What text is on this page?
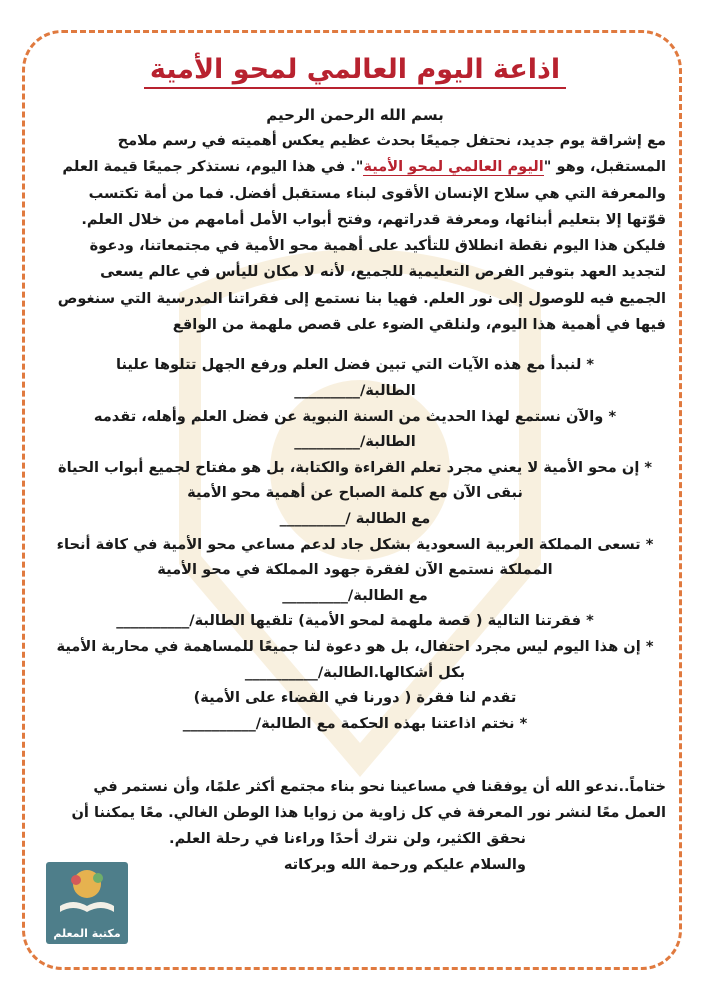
اذاعة اليوم العالمي لمحو الأمية

بسم الله الرحمن الرحيم

مع إشراقة يوم جديد، نحتفل جميعًا بحدث عظيم يعكس أهميته في رسم ملامح
المستقبل، وهو "اليوم العالمي لمحو الأمية". في هذا اليوم، نستذكر جميعًا قيمة العلم
والمعرفة التي هي سلاح الإنسان الأقوى لبناء مستقبل أفضل. فما من أمة تكتسب
قوّتها إلا بتعليم أبنائها، ومعرفة قدراتهم، وفتح أبواب الأمل أمامهم من خلال العلم.
فليكن هذا اليوم نقطة انطلاق للتأكيد على أهمية محو الأمية في مجتمعاتنا، ودعوة
لتجديد العهد بتوفير الفرص التعليمية للجميع، لأنه لا مكان لليأس في عالم يسعى
الجميع فيه للوصول إلى نور العلم. فهيا بنا نستمع إلى فقراتنا المدرسية التي سنغوص
فيها في أهمية هذا اليوم، ولنلقي الضوء على قصص ملهمة من الواقع

* لنبدأ مع هذه الآيات التي تبين فضل العلم ورفع الجهل تتلوها علينا

الطالبة/_________

* والآن نستمع لهذا الحديث من السنة النبوية عن فضل العلم وأهله، تقدمه

الطالبة/_________

* إن محو الأمية لا يعني مجرد تعلم القراءة والكتابة، بل هو مفتاح لجميع أبواب الحياة

نبقى الآن مع كلمة الصباح عن أهمية محو الأمية

مع الطالبة /_________

* تسعى المملكة العربية السعودية بشكل جاد لدعم مساعي محو الأمية في كافة أنحاء

المملكة نستمع الآن لفقرة جهود المملكة في محو الأمية

مع الطالبة/_________

* فقرتنا التالية ( قصة ملهمة لمحو الأمية) تلقيها الطالبة/__________

* إن هذا اليوم ليس مجرد احتفال، بل هو دعوة لنا جميعًا للمساهمة في محاربة الأمية

بكل أشكالها.الطالبة/__________

تقدم لنا فقرة ( دورنا في القضاء على الأمية)

* نختم اذاعتنا بهذه الحكمة مع الطالبة/__________

ختاماً..ندعو الله أن يوفقنا في مساعينا نحو بناء مجتمع أكثر علمًا، وأن نستمر في
العمل معًا لنشر نور المعرفة في كل زاوية من زوايا هذا الوطن الغالي. معًا يمكننا أن
نحقق الكثير، ولن نترك أحدًا وراءنا في رحلة العلم.
والسلام عليكم ورحمة الله وبركاته
مكتبة المعلم
